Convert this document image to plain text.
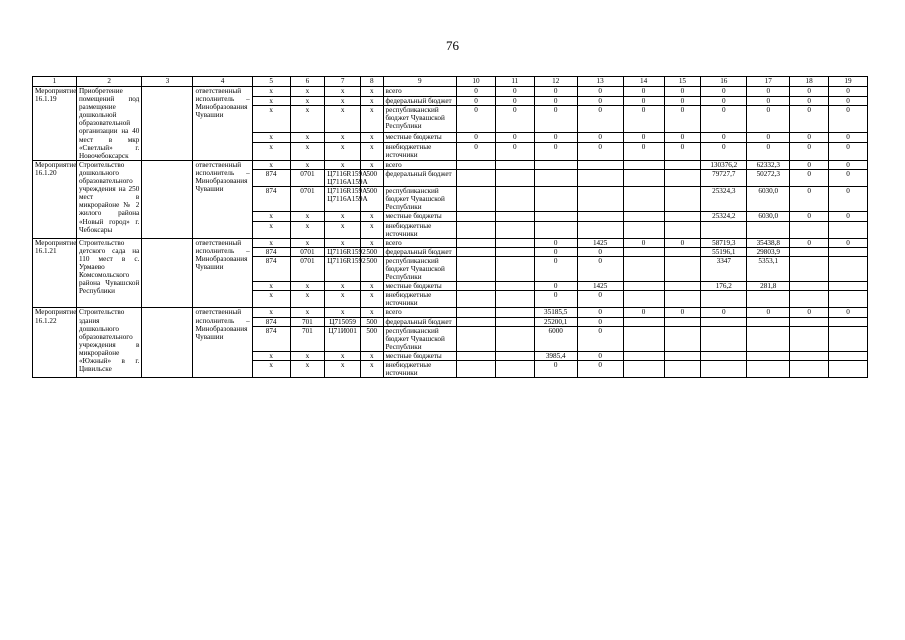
76
1	2	3	4	5	6	7	8	9	10	11	12	13	14	15	16	17	18	19
Мероприятие 16.1.19	Приобретение помещений под размещение дошкольной образовательной организации на 40 мест в мкр «Светлый» г. Новочебоксарск		ответственный исполнитель – Минобразования Чувашии	x	x	x	x	всего	0	0	0	0	0	0	0	0	0	0
				x	x	x	x	федеральный бюджет	0	0	0	0	0	0	0	0	0	0
				x	x	x	x	республиканский бюджет Чувашской Республики	0	0	0	0	0	0	0	0	0	0
				x	x	x	x	местные бюджеты	0	0	0	0	0	0	0	0	0	0
				x	x	x	x	внебюджетные источники	0	0	0	0	0	0	0	0	0	0
Мероприятие 16.1.20	Строительство дошкольного образовательного учреждения на 250 мест в микрорайоне № 2 жилого района «Новый город» г. Чебоксары		ответственный исполнитель – Минобразования Чувашии	x	x	x	x	всего							130376,2	62332,3	0	0
				874	0701	Ц7116R159А Ц7116А159А	500	федеральный бюджет							79727,7	50272,3	0	0
				874	0701	Ц7116R159А Ц7116А159А	500	республиканский бюджет Чувашской Республики							25324,3	6030,0	0	0
				x	x	x	x	местные бюджеты							25324,2	6030,0	0	0
				x	x	x	x	внебюджетные источники										
Мероприятие 16.1.21	Строительство детского сада на 110 мест в с. Урмаево Комсомольского района Чувашской Республики		ответственный исполнитель – Минобразования Чувашии	x	x	x	x	всего			0	1425	0	0	58719,3	35438,8	0	0
				874	0701	Ц7116R1592	500	федеральный бюджет			0	0			55196,1	29803,9		
				874	0701	Ц7116R1592	500	республиканский бюджет Чувашской Республики			0	0			3347	5353,1		
				x	x	x	x	местные бюджеты			0	1425			176,2	281,8		
				x	x	x	x	внебюджетные источники			0	0						
Мероприятие 16.1.22	Строительство здания дошкольного образовательного учреждения в микрорайоне «Южный» в г. Цивильске		ответственный исполнитель – Минобразования Чувашии	x	x	x	x	всего			35185,5	0	0	0	0	0	0	0
				874	701	Ц715059	500	федеральный бюджет			25200,1	0						
				874	701	Ц71И001	500	республиканский бюджет Чувашской Республики			6000	0						
				x	x	x	x	местные бюджеты			3985,4	0						
				x	x	x	x	внебюджетные источники			0	0						
